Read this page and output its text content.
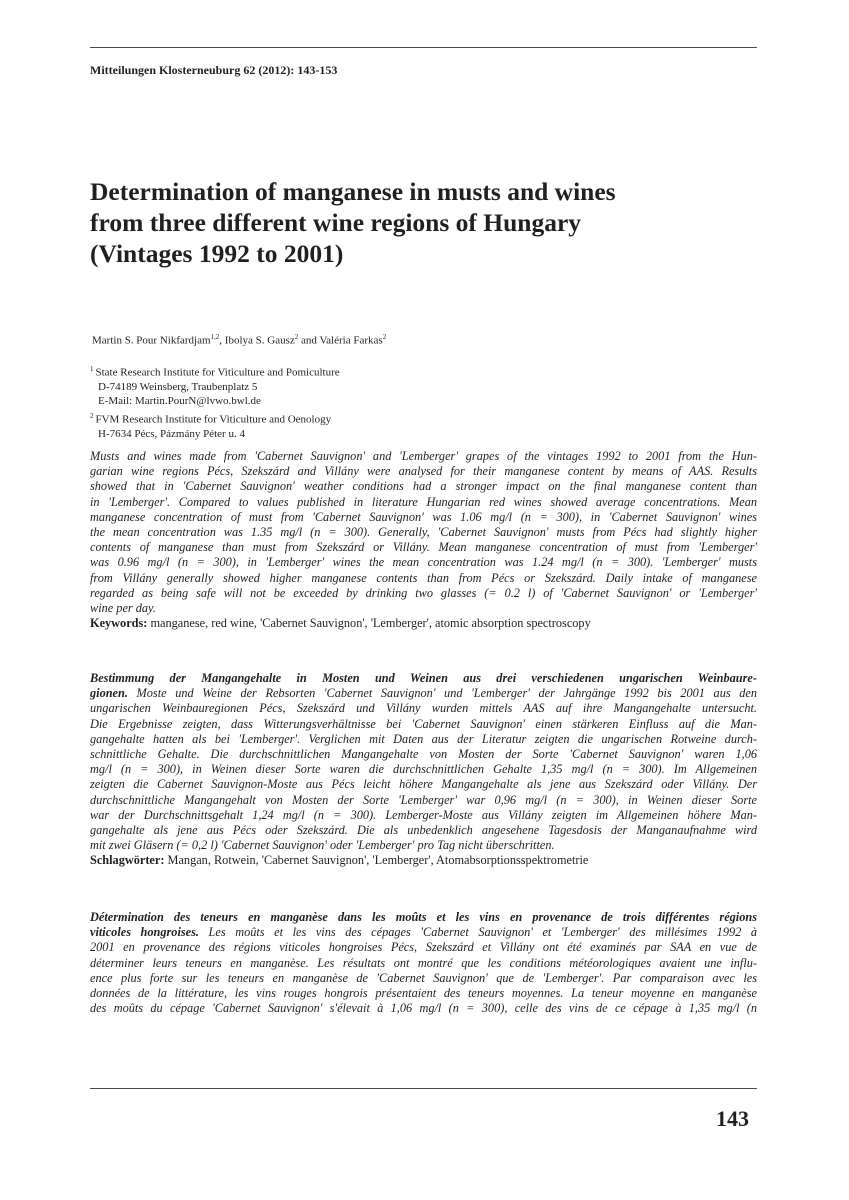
Mitteilungen Klosterneuburg 62 (2012): 143-153
Determination of manganese in musts and wines
from three different wine regions of Hungary
(Vintages 1992 to 2001)
Martin S. Pour Nikfardjam$^{1,2}$, Ibolya S. Gausz$^2$ and Valéria Farkas$^2$
$^1$ State Research Institute for Viticulture and Pomiculture
D-74189 Weinsberg, Traubenplatz 5
E-Mail: Martin.PourN@lvwo.bwl.de
$^2$ FVM Research Institute for Viticulture and Oenology
H-7634 Pécs, Pázmány Péter u. 4
Musts and wines made from 'Cabernet Sauvignon' and 'Lemberger' grapes of the vintages 1992 to 2001 from the Hun-
garian wine regions Pécs, Szekszárd and Villány were analysed for their manganese content by means of AAS. Results
showed that in 'Cabernet Sauvignon' weather conditions had a stronger impact on the final manganese content than
in 'Lemberger'. Compared to values published in literature Hungarian red wines showed average concentrations. Mean
manganese concentration of must from 'Cabernet Sauvignon' was 1.06 mg/l (n = 300), in 'Cabernet Sauvignon' wines
the mean concentration was 1.35 mg/l (n = 300). Generally, 'Cabernet Sauvignon' musts from Pécs had slightly higher
contents of manganese than must from Szekszárd or Villány. Mean manganese concentration of must from 'Lemberger'
was 0.96 mg/l (n = 300), in 'Lemberger' wines the mean concentration was 1.24 mg/l (n = 300). 'Lemberger' musts
from Villány generally showed higher manganese contents than from Pécs or Szekszárd. Daily intake of manganese
regarded as being safe will not be exceeded by drinking two glasses (= 0.2 l) of 'Cabernet Sauvignon' or 'Lemberger'
wine per day.
Keywords: manganese, red wine, 'Cabernet Sauvignon', 'Lemberger', atomic absorption spectroscopy
Bestimmung der Mangangehalte in Mosten und Weinen aus drei verschiedenen ungarischen Weinbaure-
gionen. Moste und Weine der Rebsorten 'Cabernet Sauvignon' und 'Lemberger' der Jahrgänge 1992 bis 2001 aus den
ungarischen Weinbauregionen Pécs, Szekszárd und Villány wurden mittels AAS auf ihre Mangangehalte untersucht.
Die Ergebnisse zeigten, dass Witterungsverhältnisse bei 'Cabernet Sauvignon' einen stärkeren Einfluss auf die Man-
gangehalte hatten als bei 'Lemberger'. Verglichen mit Daten aus der Literatur zeigten die ungarischen Rotweine durch-
schnittliche Gehalte. Die durchschnittlichen Mangangehalte von Mosten der Sorte 'Cabernet Sauvignon' waren 1,06
mg/l (n = 300), in Weinen dieser Sorte waren die durchschnittlichen Gehalte 1,35 mg/l (n = 300). Im Allgemeinen
zeigten die Cabernet Sauvignon-Moste aus Pécs leicht höhere Mangangehalte als jene aus Szekszárd oder Villány. Der
durchschnittliche Mangangehalt von Mosten der Sorte 'Lemberger' war 0,96 mg/l (n = 300), in Weinen dieser Sorte
war der Durchschnittsgehalt 1,24 mg/l (n = 300). Lemberger-Moste aus Villány zeigten im Allgemeinen höhere Man-
gangehalte als jene aus Pécs oder Szekszárd. Die als unbedenklich angesehene Tagesdosis der Manganaufnahme wird
mit zwei Gläsern (= 0,2 l) 'Cabernet Sauvignon' oder 'Lemberger' pro Tag nicht überschritten.
Schlagwörter: Mangan, Rotwein, 'Cabernet Sauvignon', 'Lemberger', Atomabsorptionsspektrometrie
Détermination des teneurs en manganèse dans les moûts et les vins en provenance de trois différentes régions
viticoles hongroises. Les moûts et les vins des cépages 'Cabernet Sauvignon' et 'Lemberger' des millésimes 1992 à
2001 en provenance des régions viticoles hongroises Pécs, Szekszárd et Villány ont été examinés par SAA en vue de
déterminer leurs teneurs en manganèse. Les résultats ont montré que les conditions météorologiques avaient une influ-
ence plus forte sur les teneurs en manganèse de 'Cabernet Sauvignon' que de 'Lemberger'. Par comparaison avec les
données de la littérature, les vins rouges hongrois présentaient des teneurs moyennes. La teneur moyenne en manganèse
des moûts du cépage 'Cabernet Sauvignon' s'élevait à 1,06 mg/l (n = 300), celle des vins de ce cépage à 1,35 mg/l (n
143
